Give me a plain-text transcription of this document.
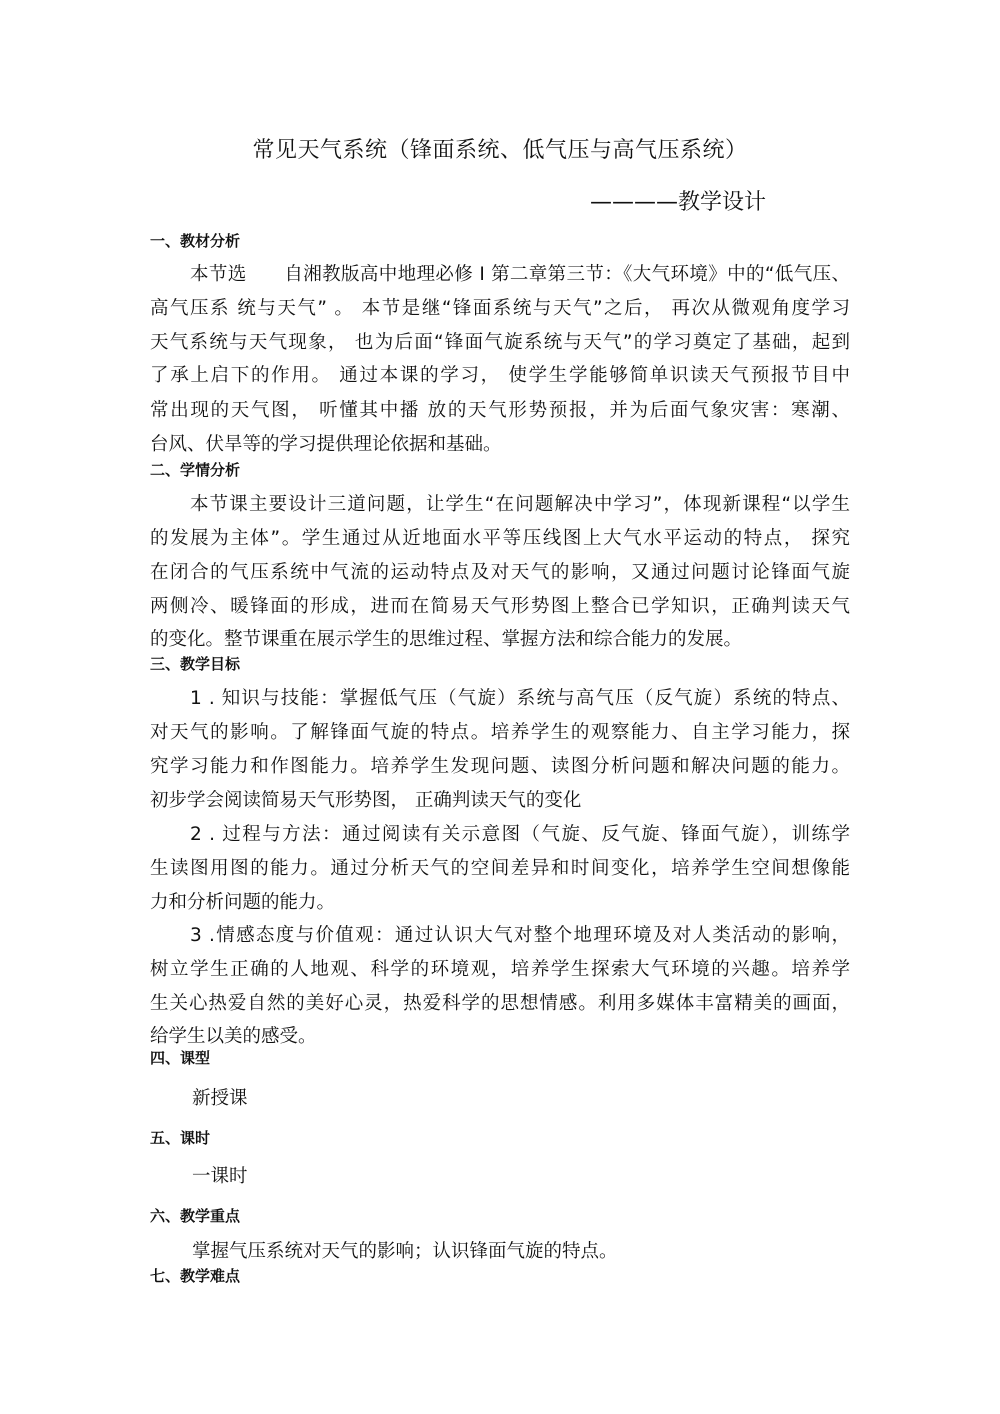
常见天气系统（锋面系统、低气压与高气压系统）
————教学设计
一、教材分析
本节选　　自湘教版高中地理必修 I 第二章第三节：《大气环境》中的“低气压、
高气压系 统与天气” 。 本节是继“锋面系统与天气”之后， 再次从微观角度学习
天气系统与天气现象， 也为后面“锋面气旋系统与天气”的学习奠定了基础，起到
了承上启下的作用。 通过本课的学习， 使学生学能够简单识读天气预报节目中
常出现的天气图， 听懂其中播 放的天气形势预报，并为后面气象灾害：寒潮、
台风、伏旱等的学习提供理论依据和基础。
二、学情分析
本节课主要设计三道问题，让学生“在问题解决中学习”，体现新课程“以学生
的发展为主体”。学生通过从近地面水平等压线图上大气水平运动的特点， 探究
在闭合的气压系统中气流的运动特点及对天气的影响，又通过问题讨论锋面气旋
两侧冷、暖锋面的形成，进而在简易天气形势图上整合已学知识，正确判读天气
的变化。整节课重在展示学生的思维过程、掌握方法和综合能力的发展。
三、教学目标
1 . 知识与技能：掌握低气压（气旋）系统与高气压（反气旋）系统的特点、
对天气的影响。了解锋面气旋的特点。培养学生的观察能力、自主学习能力，探
究学习能力和作图能力。培养学生发现问题、读图分析问题和解决问题的能力。
初步学会阅读简易天气形势图， 正确判读天气的变化
2 . 过程与方法：通过阅读有关示意图（气旋、反气旋、锋面气旋），训练学
生读图用图的能力。通过分析天气的空间差异和时间变化，培养学生空间想像能
力和分析问题的能力。
3 .情感态度与价值观：通过认识大气对整个地理环境及对人类活动的影响，
树立学生正确的人地观、科学的环境观，培养学生探索大气环境的兴趣。培养学
生关心热爱自然的美好心灵，热爱科学的思想情感。利用多媒体丰富精美的画面，
给学生以美的感受。
四、课型
新授课
五、课时
一课时
六、教学重点
掌握气压系统对天气的影响；认识锋面气旋的特点。
七、教学难点
